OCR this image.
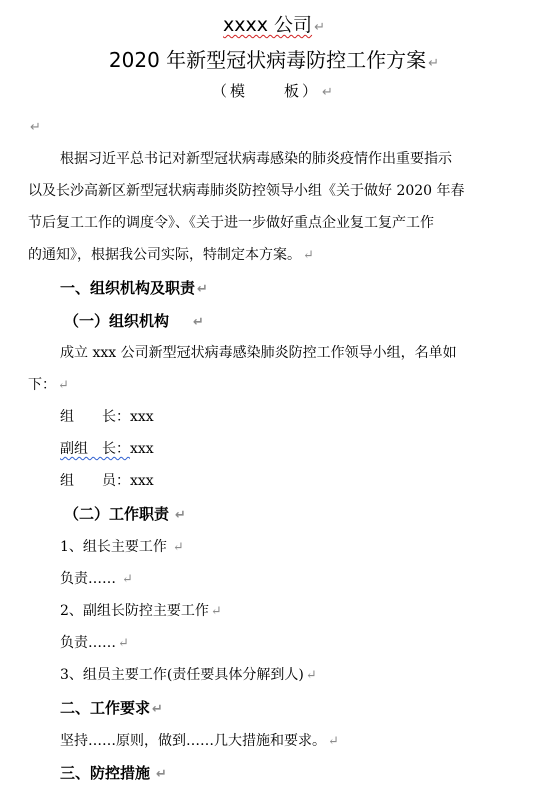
xxxx 公司 ↵
2020 年新型冠状病毒防控工作方案 ↵
（模　　板） ↵
↵
根据习近平总书记对新型冠状病毒感染的肺炎疫情作出重要指示
以及长沙高新区新型冠状病毒肺炎防控领导小组《关于做好 2020 年春
节后复工工作的调度令》、《关于进一步做好重点企业复工复产工作
的通知》，根据我公司实际，特制定本方案。 ↵
一、组织机构及职责 ↵
（一）组织机构 ↵
成立 xxx 公司新型冠状病毒感染肺炎防控工作领导小组，名单如
下： ↵
组　　长：xxx
副组　长：xxx
组　　员：xxx
（二）工作职责 ↵
1、组长主要工作 ↵
负责…… ↵
2、副组长防控主要工作 ↵
负责…… ↵
3、组员主要工作(责任要具体分解到人) ↵
二、工作要求 ↵
坚持……原则，做到……几大措施和要求。 ↵
三、防控措施 ↵
